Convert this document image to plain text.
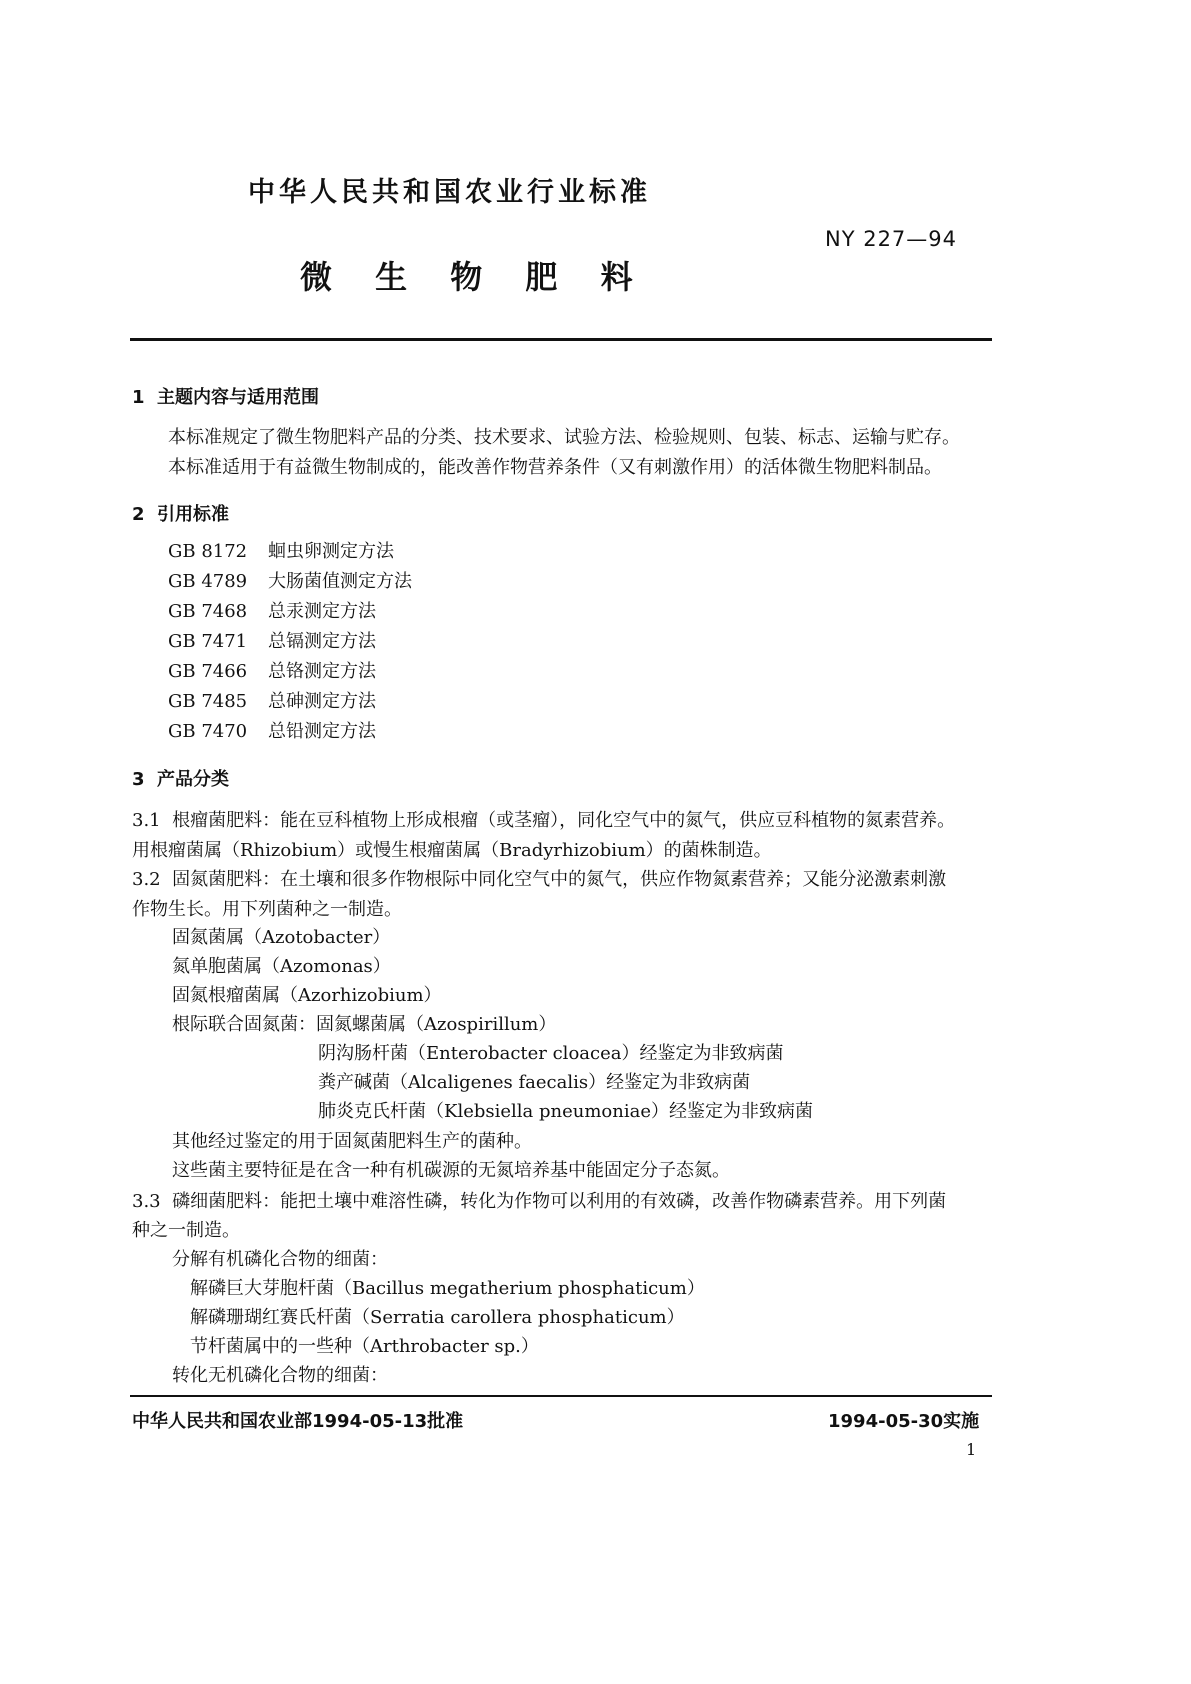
中华人民共和国农业行业标准
NY 227—94
微 生 物 肥 料
1  主题内容与适用范围
本标准规定了微生物肥料产品的分类、技术要求、试验方法、检验规则、包装、标志、运输与贮存。
本标准适用于有益微生物制成的，能改善作物营养条件（又有刺激作用）的活体微生物肥料制品。
2  引用标准
GB 8172 蛔虫卵测定方法
GB 4789 大肠菌值测定方法
GB 7468 总汞测定方法
GB 7471 总镉测定方法
GB 7466 总铬测定方法
GB 7485 总砷测定方法
GB 7470 总铅测定方法
3  产品分类
3.1  根瘤菌肥料：能在豆科植物上形成根瘤（或茎瘤），同化空气中的氮气，供应豆科植物的氮素营养。
用根瘤菌属（Rhizobium）或慢生根瘤菌属（Bradyrhizobium）的菌株制造。
3.2  固氮菌肥料：在土壤和很多作物根际中同化空气中的氮气，供应作物氮素营养；又能分泌激素刺激
作物生长。用下列菌种之一制造。
固氮菌属（Azotobacter）
氮单胞菌属（Azomonas）
固氮根瘤菌属（Azorhizobium）
根际联合固氮菌：固氮螺菌属（Azospirillum）
阴沟肠杆菌（Enterobacter cloacea）经鉴定为非致病菌
粪产碱菌（Alcaligenes faecalis）经鉴定为非致病菌
肺炎克氏杆菌（Klebsiella pneumoniae）经鉴定为非致病菌
其他经过鉴定的用于固氮菌肥料生产的菌种。
这些菌主要特征是在含一种有机碳源的无氮培养基中能固定分子态氮。
3.3  磷细菌肥料：能把土壤中难溶性磷，转化为作物可以利用的有效磷，改善作物磷素营养。用下列菌
种之一制造。
分解有机磷化合物的细菌：
解磷巨大芽胞杆菌（Bacillus megatherium phosphaticum）
解磷珊瑚红赛氏杆菌（Serratia carollera phosphaticum）
节杆菌属中的一些种（Arthrobacter sp.）
转化无机磷化合物的细菌：
中华人民共和国农业部1994-05-13批准	1994-05-30实施
1
